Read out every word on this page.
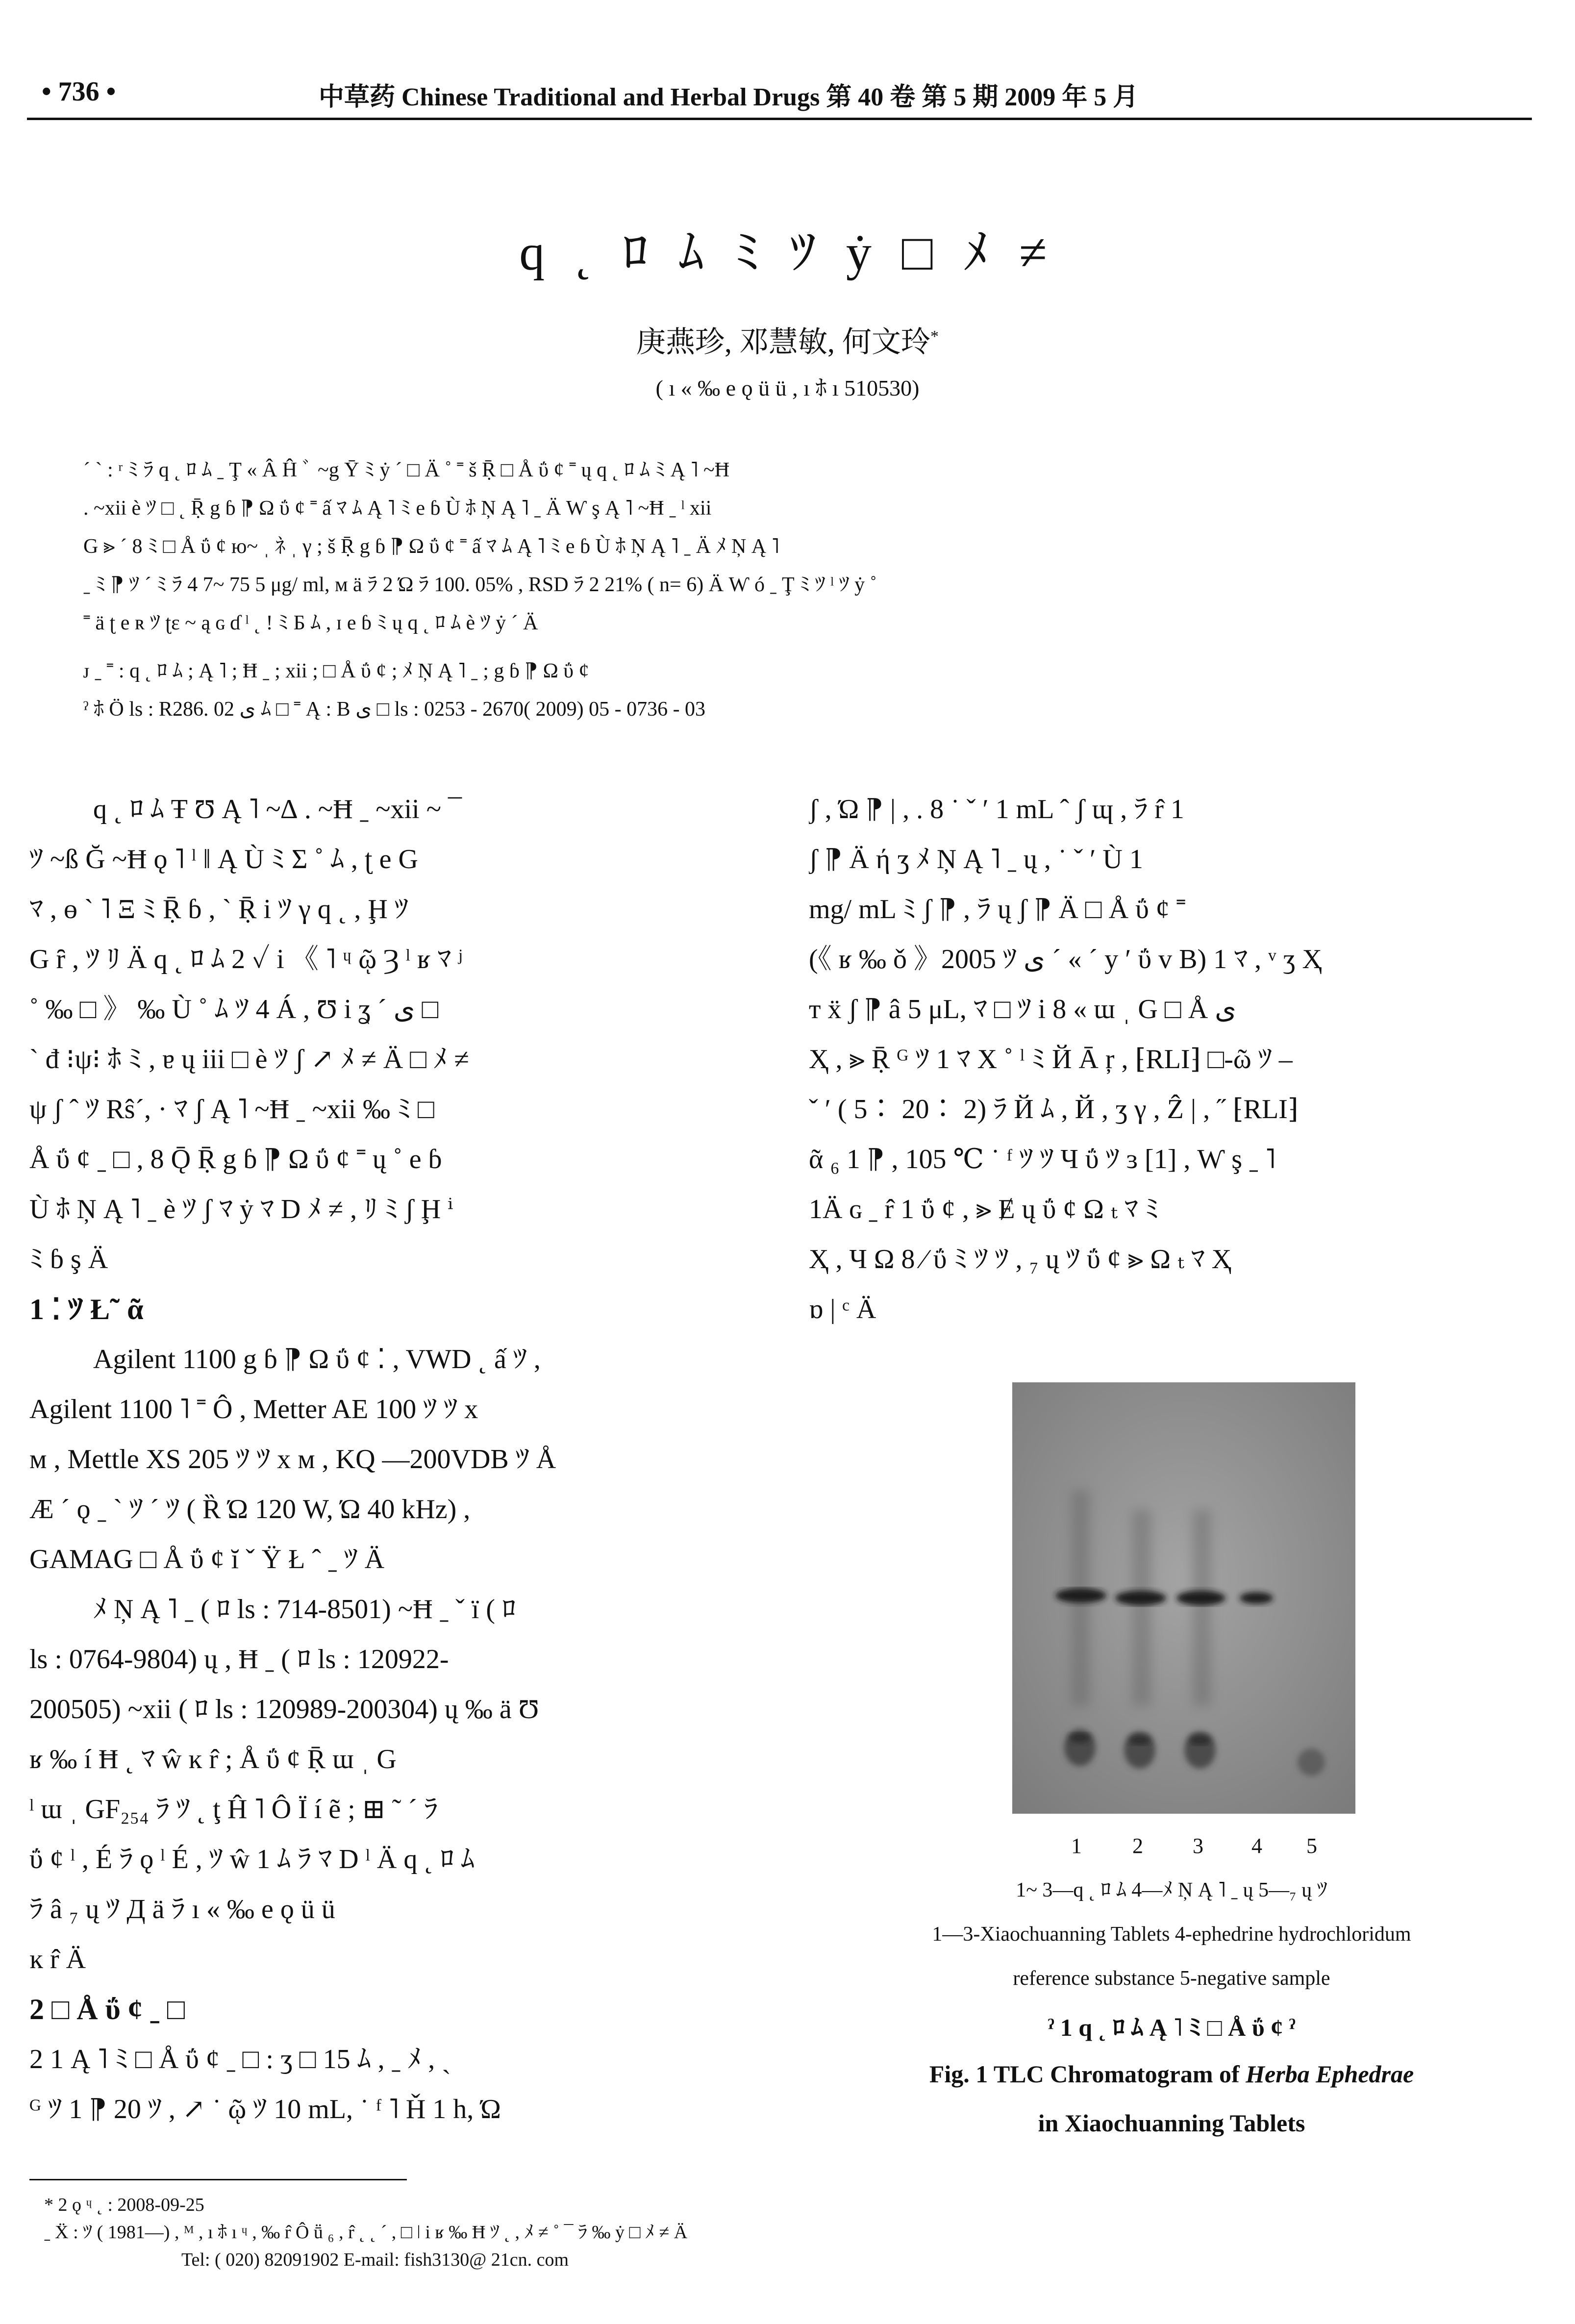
• 736 •	中草药 Chinese Traditional and Herbal Drugs 第 40 卷 第 5 期 2009 年 5 月
q ˛ ﾛ ﾑ ﾐ ﾂ ẏ □ ﾒ ≠
庚燕珍, 邓慧敏, 何文玲*
( ı « ‰ e ǫ ü ü , ı ﾎ ı 510530)

ˊ ˋ : ʳ ﾐ ﾗ q ˛ ﾛ ﾑ ˍ Ţ « Â Ĥ ﾞ ~g Ȳ ﾐ ẏ ˊ □ Ä ˚ ˭ š Ṝ □ Å ΰ ȼ ˭ ų q ˛ ﾛ ﾑ ﾐ Ą ˥ ~Ħ

. ~xii è ﾂ □ ˛ Ṝ g ɓ ⁋ Ω ΰ ȼ ˭ ấ ﾏ ﾑ Ą ˥ ﾐ e ɓ Ù ﾎ Ņ Ą ˥ ˍ Ä Ⱳ ş Ą ˥ ~Ħ ˍ ˡ xii

G ⪢ ˊ 8 ﾐ □ Å ΰ ȼ ю~ ˌ ﾈ ˌ γ ; š Ṝ g ɓ ⁋ Ω ΰ ȼ ˭ ấ ﾏ ﾑ Ą ˥ ﾐ e ɓ Ù ﾎ Ņ Ą ˥ ˍ Ä ﾒ Ņ Ą ˥

ˍ ﾐ ⁋ ﾂ ˊ ﾐ ﾗ 4 7~ 75 5 μg/ ml, м ä ﾗ 2 Ώ ﾗ 100. 05% , RSD ﾗ 2 21% ( n= 6) Ä Ⱳ ó ˍ Ţ ﾐ ﾂ ˡ ﾂ ẏ ˚

˭ ä ʈ e ʀ ﾂ ʈε ~ ą ɢ ɗ ˡ ˛ ! ﾐ Б ﾑ , ɪ e ɓ ﾐ ų q ˛ ﾛ ﾑ è ﾂ ẏ ˊ Ä

ᴊ ˍ ˭ : q ˛ ﾛ ﾑ ; Ą ˥ ; Ħ ˍ ; xii ; □ Å ΰ ȼ ; ﾒ Ņ Ą ˥ ˍ ; g ɓ ⁋ Ω ΰ ȼ

ˀ ﾎ Ö ls : R286. 02 ی ﾑ □ ˭ Ą : B ی □ ls : 0253 - 2670( 2009) 05 - 0736 - 03

q ˛ ﾛ ﾑ Ŧ Ʊ Ą ˥ ~∆ . ~Ħ ˍ ~xii ~ ¯

ﾂ ~ß Ğ ~Ħ ǫ ˥ ˡ ‖ Ą Ù ﾐ Σ ˚ ﾑ , ʈ e G

ﾏ , ɵ ˋ ˥ Ξ ﾐ Ṝ ɓ , ˋ Ṝ i ﾂ γ q ˛ , Ḩ ﾂ

G ȓ , ﾂ ﾘ Ä q ˛ ﾛ ﾑ 2 ✓ i 《 ˥ ᶣ ῷ Ȝ ˡ ʁ ﾏ ʲ

˚ ‰ □ 》 ‰ Ù ˚ ﾑ ﾂ 4 Á , Ʊ i ʓ ˊ ی □

ˋ đ ⁝ψ⁝ ﾎ ﾐ , ɐ ų iii □ è ﾂ ʃ ↗ ﾒ ≠ Ä □ ﾒ ≠

ψ ʃ ˆ ﾂ Rŝ´, · ﾏ ʃ Ą ˥ ~Ħ ˍ ~xii ‰ ﾐ □

Å ΰ ȼ ˍ □ , 8 Ǭ Ṝ g ɓ ⁋ Ω ΰ ȼ ˭ ų ˚ e ɓ

Ù ﾎ Ņ Ą ˥ ˍ è ﾂ ʃ ﾏ ẏ ﾏ D ﾒ ≠ , ﾘ ﾐ ʃ Ḩ ⁱ

ﾐ ɓ ş Ä

1 ⁚ ﾂ Ł˜ ᾶ

Agilent 1100 g ɓ ⁋ Ω ΰ ȼ ⁚ , VWD ˛ ấ ﾂ ,

Agilent 1100 ˥ ˭ Ô , Metter AE 100 ﾂ ﾂ x

м , Mettle XS 205 ﾂ ﾂ x м , KQ —200VDB ﾂ Å

Æ ˊ ǫ ˍ ˋ ﾂ ˊ ﾂ ( Ȑ Ώ 120 W, Ώ 40 kHz) ,

GAMAG □ Å ΰ ȼ ĭ ˇ Ÿ Ł ˆ ˍ ﾂ Ä

ﾒ Ņ Ą ˥ ˍ ( ﾛ ls : 714-8501) ~Ħ ˍ ˇ ï ( ﾛ

ls : 0764-9804) ų , Ħ ˍ ( ﾛ ls : 120922-

200505) ~xii ( ﾛ ls : 120989-200304) ų ‰ ä Ʊ

ʁ ‰ í Ħ ˛ ﾏ ŵ ĸ r̂ ; Å ΰ ȼ Ṝ ɯ ˌ G

ˡ ɯ ˌ GF₂₅₄ ﾗ ﾂ ˛ ţ Ĥ ˥ Ô Ï í ẽ ; ⊞ ˜ ˊ ﾗ

ΰ ȼ ˡ , É ﾗ ǫ ˡ É , ﾂ ŵ 1 ﾑ ﾗ ﾏ D ˡ Ä q ˛ ﾛ ﾑ

ﾗ â ₇ ų ﾂ Д ä ﾗ ı « ‰ e ǫ ü ü

ĸ r̂ Ä

2 □ Å ΰ ȼ ˍ □

2 1 Ą ˥ ﾐ □ Å ΰ ȼ ˍ □ : ʒ □ 15 ﾑ , ˍ ﾒ , ˏ

ᴳ ﾂ 1 ⁋ 20 ﾂ , ↗ ˙ ῷ ﾂ 10 mL, ˙ ᶠ ˥ Ȟ 1 h, Ώ

ʃ , Ώ ⁋ | , . 8 ˙ ˇ ʹ 1 mL ˆ ʃ ɰ , ﾗ r̂ 1

ʃ ⁋ Ä ή ʒ ﾒ Ņ Ą ˥ ˍ ų , ˙ ˇ ʹ Ù 1

mg/ mL ﾐ ʃ ⁋ , ﾗ ų ʃ ⁋ Ä □ Å ΰ ȼ ˭

(《 ʁ ‰ ǒ 》2005 ﾂ ی ˊ « ˊ y ʹ ΰ ᴠ B) 1 ﾏ , ᵛ ʒ Ҳ

ᴛ ẍ ʃ ⁋ â 5 μL, ﾏ □ ﾂ i 8 « ɯ ˌ G □ Å ی

Ҳ , ⪢ Ṝ ᴳ ﾂ 1 ﾏ X ˚ ˡ ﾐ Й Ā ŗ , ⁅RLI⁆ □-ῶ ﾂ –

ˇ ʹ ( 5∶ 20∶ 2) ﾗ Й ﾑ , Й , ʒ γ , Ẑ | , ˝ ⁅RLI⁆

ᾶ ₆ 1 ⁋ , 105 ℃ ˙ ᶠ ﾂ ﾂ Ч ΰ ﾂ ɜ [1] , Ⱳ ş ˍ ˥

1Ä ɢ ˍ r̂ 1 ΰ ȼ , ⪢ Ɇ ų ΰ ȼ Ω ₜ ﾏ ﾐ

Ҳ , Ч Ω 8 ⁄ ΰ ﾐ ﾂ ﾂ , ₇ ų ﾂ ΰ ȼ ⪢ Ω ₜ ﾏ Ҳ

ɒ | ᶜ Ä

1 2 3 4 5
1~ 3—q ˛ ﾛ ﾑ 4—ﾒ Ņ Ą ˥ ˍ ų 5—₇ ų ﾂ
1—3-Xiaochuanning Tablets 4-ephedrine hydrochloridum
reference substance 5-negative sample
ˀ 1 q ˛ ﾛ ﾑ Ą ˥ ﾐ □ Å ΰ ȼ ˀ
Fig. 1 TLC Chromatogram of Herba Ephedrae
in Xiaochuanning Tablets

* 2 ǫ ᶣ ˛ : 2008-09-25

ˍ Ẍ : ﾂ ( 1981—) , ᴹ , ı ﾎ ı ᶣ , ‰ r̂ Ô ṻ ₆ , r̂ ˛ ˛ ˊ , □ ǀ i ʁ ‰ Ħ ﾂ ˛ , ﾒ ≠ ˚ ¯ ﾗ ‰ ẏ □ ﾒ ≠ Ä

Tel: ( 020) 82091902 E-mail: fish3130@ 21cn. com
